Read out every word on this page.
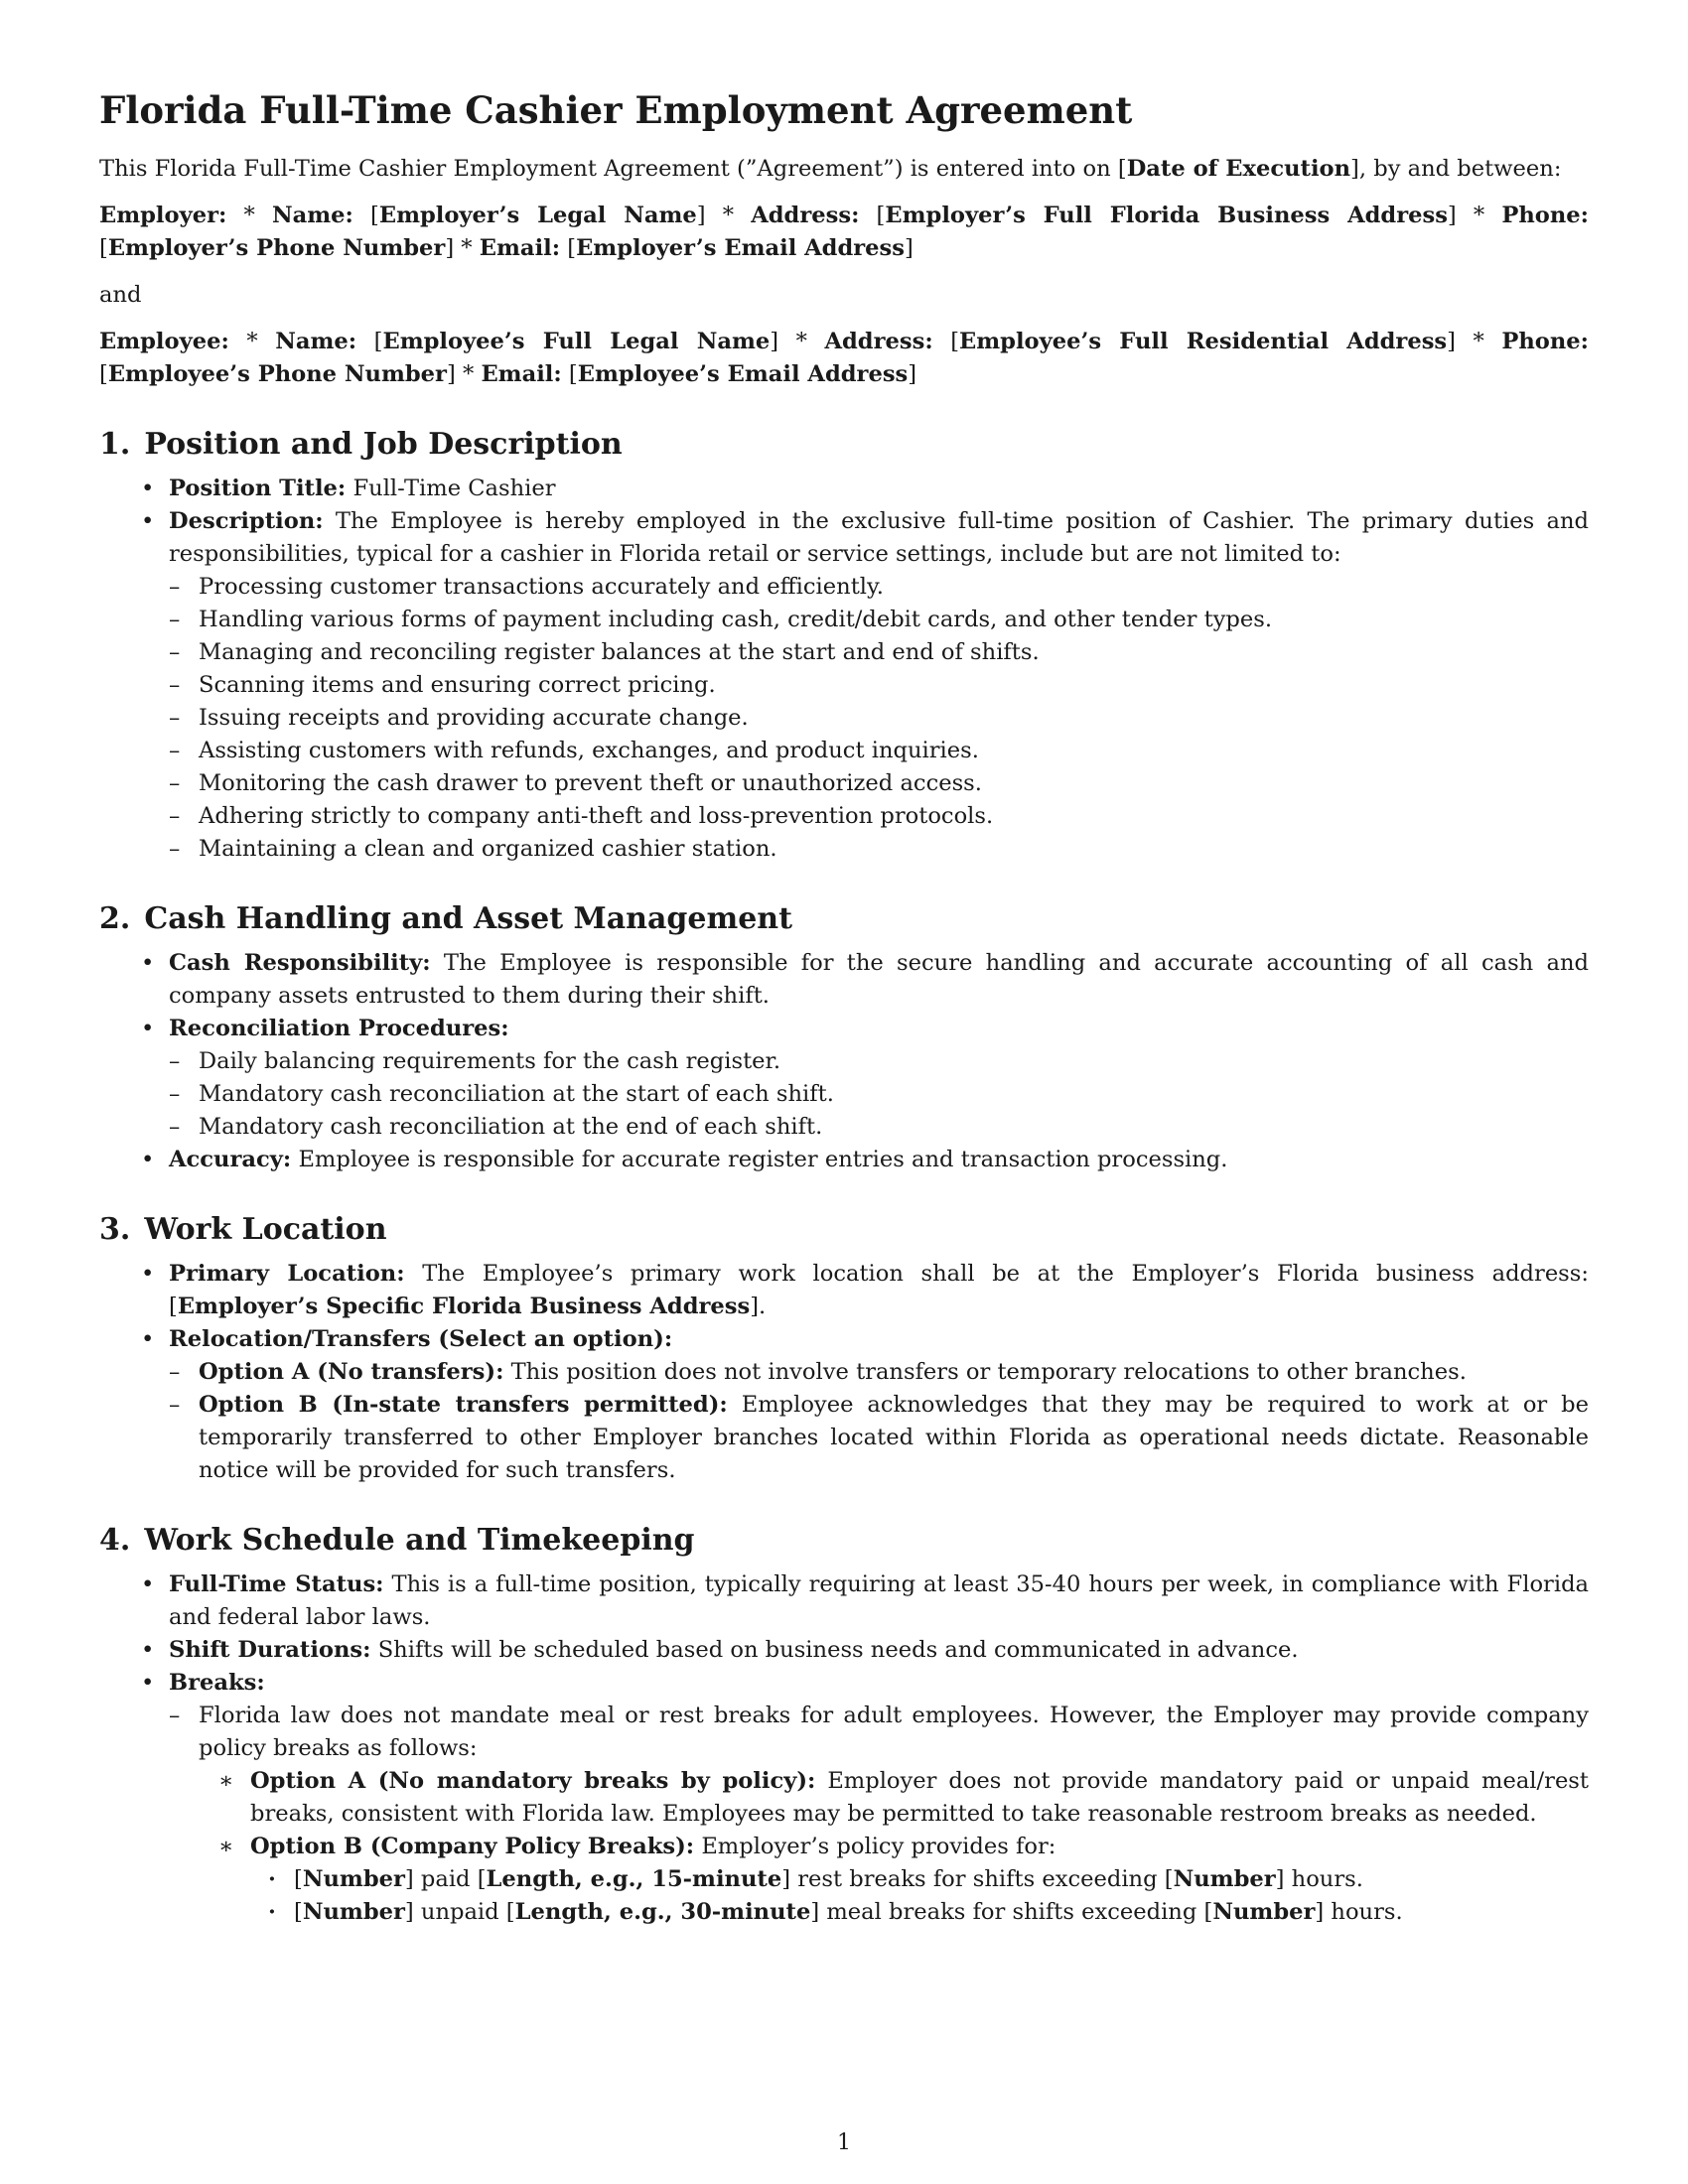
Florida Full-Time Cashier Employment Agreement

This Florida Full-Time Cashier Employment Agreement (”Agreement”) is entered into on [Date of Execution], by and between:

Employer: * Name: [Employer’s Legal Name] * Address: [Employer’s Full Florida Business Address] * Phone: [Employer’s Phone Number] * Email: [Employer’s Email Address]

and

Employee: * Name: [Employee’s Full Legal Name] * Address: [Employee’s Full Residential Address] * Phone: [Employee’s Phone Number] * Email: [Employee’s Email Address]

1. Position and Job Description
• Position Title: Full-Time Cashier
• Description: The Employee is hereby employed in the exclusive full-time position of Cashier. The primary duties and responsibilities, typical for a cashier in Florida retail or service settings, include but are not limited to:
– Processing customer transactions accurately and efficiently.
– Handling various forms of payment including cash, credit/debit cards, and other tender types.
– Managing and reconciling register balances at the start and end of shifts.
– Scanning items and ensuring correct pricing.
– Issuing receipts and providing accurate change.
– Assisting customers with refunds, exchanges, and product inquiries.
– Monitoring the cash drawer to prevent theft or unauthorized access.
– Adhering strictly to company anti-theft and loss-prevention protocols.
– Maintaining a clean and organized cashier station.
2. Cash Handling and Asset Management
• Cash Responsibility: The Employee is responsible for the secure handling and accurate accounting of all cash and company assets entrusted to them during their shift.
• Reconciliation Procedures:
– Daily balancing requirements for the cash register.
– Mandatory cash reconciliation at the start of each shift.
– Mandatory cash reconciliation at the end of each shift.
• Accuracy: Employee is responsible for accurate register entries and transaction processing.
3. Work Location
• Primary Location: The Employee’s primary work location shall be at the Employer’s Florida business address: [Employer’s Specific Florida Business Address].
• Relocation/Transfers (Select an option):
– Option A (No transfers): This position does not involve transfers or temporary relocations to other branches.
– Option B (In-state transfers permitted): Employee acknowledges that they may be required to work at or be temporarily transferred to other Employer branches located within Florida as operational needs dictate. Reasonable notice will be provided for such transfers.
4. Work Schedule and Timekeeping
• Full-Time Status: This is a full-time position, typically requiring at least 35-40 hours per week, in compliance with Florida and federal labor laws.
• Shift Durations: Shifts will be scheduled based on business needs and communicated in advance.
• Breaks:
– Florida law does not mandate meal or rest breaks for adult employees. However, the Employer may provide company policy breaks as follows:
∗ Option A (No mandatory breaks by policy): Employer does not provide mandatory paid or unpaid meal/rest breaks, consistent with Florida law. Employees may be permitted to take reasonable restroom breaks as needed.
∗ Option B (Company Policy Breaks): Employer’s policy provides for:
· [Number] paid [Length, e.g., 15-minute] rest breaks for shifts exceeding [Number] hours.
· [Number] unpaid [Length, e.g., 30-minute] meal breaks for shifts exceeding [Number] hours.
1
